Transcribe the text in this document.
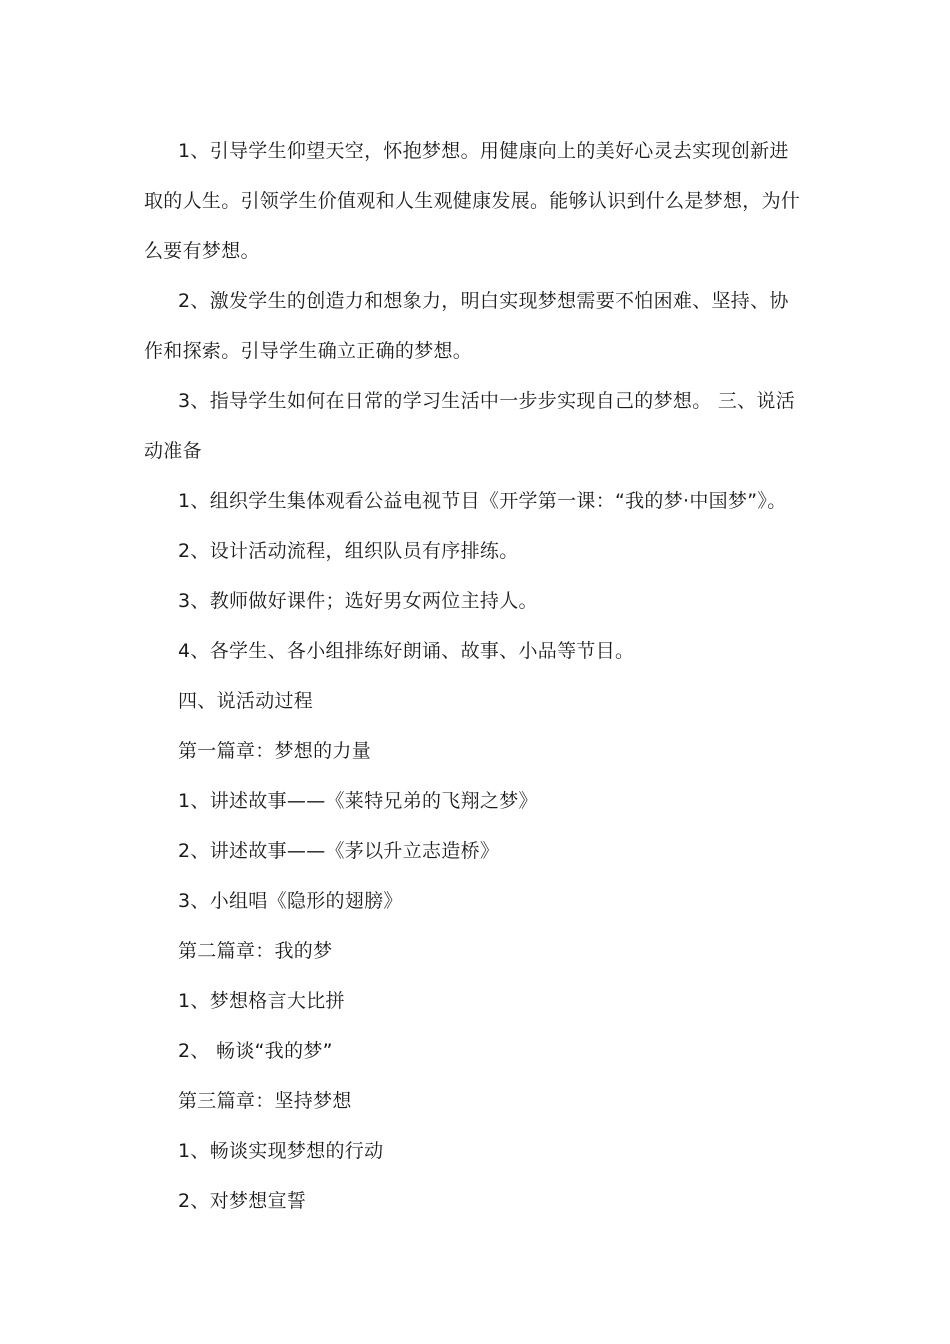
1、引导学生仰望天空，怀抱梦想。用健康向上的美好心灵去实现创新进取的人生。引领学生价值观和人生观健康发展。能够认识到什么是梦想，为什么要有梦想。

2、激发学生的创造力和想象力，明白实现梦想需要不怕困难、坚持、协作和探索。引导学生确立正确的梦想。

3、指导学生如何在日常的学习生活中一步步实现自己的梦想。 三、说活动准备

1、组织学生集体观看公益电视节目《开学第一课：“我的梦·中国梦”》。

2、设计活动流程，组织队员有序排练。

3、教师做好课件；选好男女两位主持人。

4、各学生、各小组排练好朗诵、故事、小品等节目。

四、说活动过程

第一篇章：梦想的力量

1、讲述故事——《莱特兄弟的飞翔之梦》

2、讲述故事——《茅以升立志造桥》

3、小组唱《隐形的翅膀》

第二篇章：我的梦

1、梦想格言大比拼

2、 畅谈“我的梦”

第三篇章：坚持梦想

1、畅谈实现梦想的行动

2、对梦想宣誓
